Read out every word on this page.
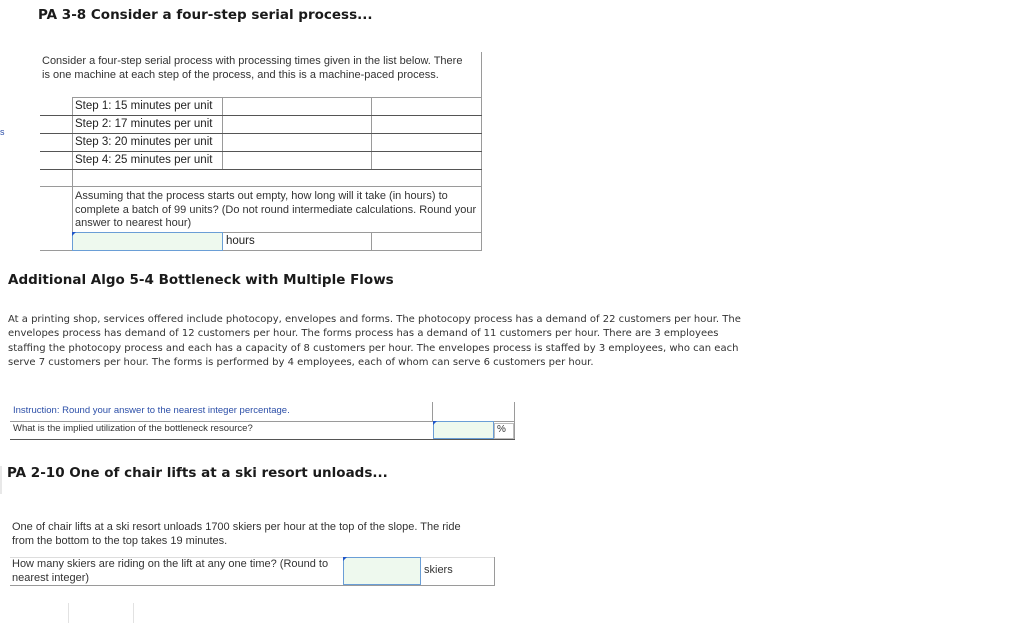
s
PA 3-8 Consider a four-step serial process...
Consider a four-step serial process with processing times given in the list below. There is one machine at each step of the process, and this is a machine-paced process.
Step 1: 15 minutes per unit
Step 2: 17 minutes per unit
Step 3: 20 minutes per unit
Step 4: 25 minutes per unit
Assuming that the process starts out empty, how long will it take (in hours) to complete a batch of 99 units? (Do not round intermediate calculations. Round your answer to nearest hour)
hours
Additional Algo 5-4 Bottleneck with Multiple Flows
At a printing shop, services offered include photocopy, envelopes and forms. The photocopy process has a demand of 22 customers per hour. The envelopes process has demand of 12 customers per hour. The forms process has a demand of 11 customers per hour. There are 3 employees staffing the photocopy process and each has a capacity of 8 customers per hour. The envelopes process is staffed by 3 employees, who can each serve 7 customers per hour. The forms is performed by 4 employees, each of whom can serve 6 customers per hour.
Instruction: Round your answer to the nearest integer percentage.
What is the implied utilization of the bottleneck resource?	%
PA 2-10 One of chair lifts at a ski resort unloads...
One of chair lifts at a ski resort unloads 1700 skiers per hour at the top of the slope. The ride from the bottom to the top takes 19 minutes.
How many skiers are riding on the lift at any one time? (Round to nearest integer)
skiers
